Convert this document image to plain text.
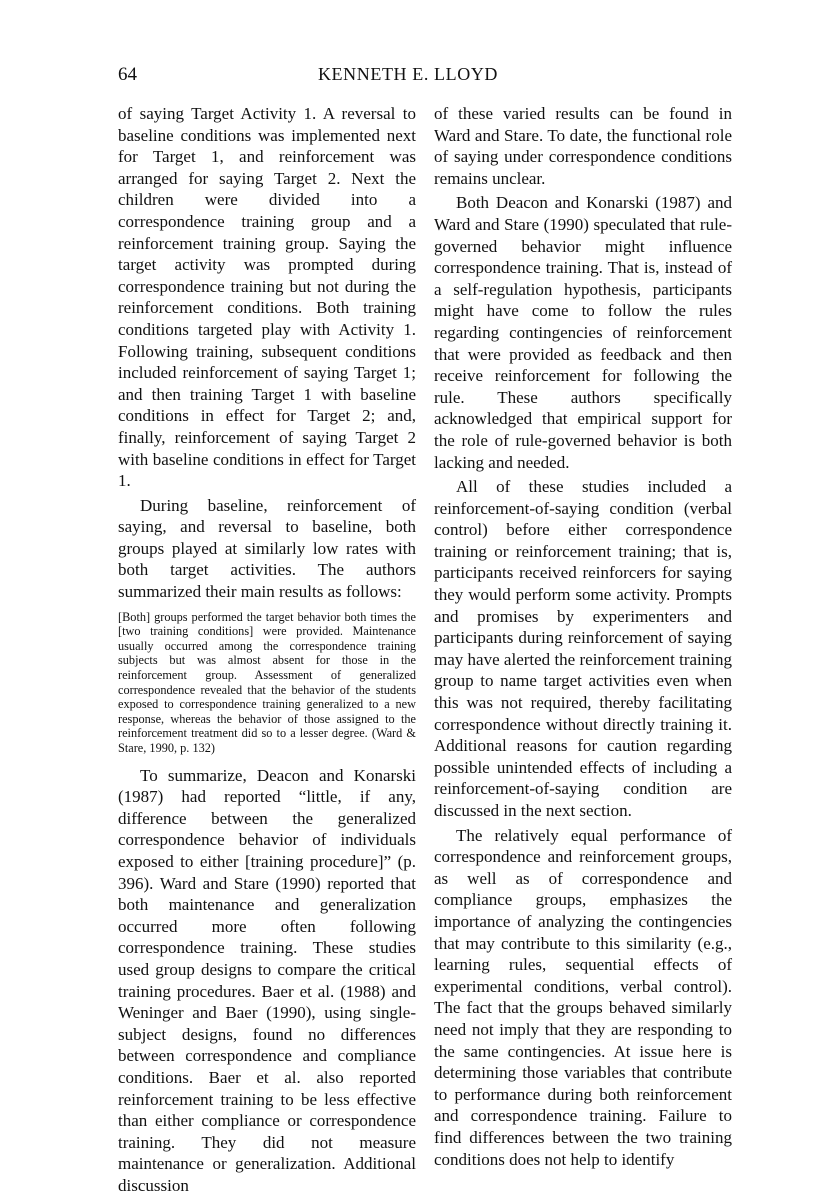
64	KENNETH E. LLOYD

of saying Target Activity 1. A reversal to baseline conditions was implemented next for Target 1, and reinforcement was arranged for saying Target 2. Next the children were divided into a correspondence training group and a reinforcement training group. Saying the target activity was prompted during correspondence training but not during the reinforcement conditions. Both training conditions targeted play with Activity 1. Following training, subsequent conditions included reinforcement of saying Target 1; and then training Target 1 with baseline conditions in effect for Target 2; and, finally, reinforcement of saying Target 2 with baseline conditions in effect for Target 1.

During baseline, reinforcement of saying, and reversal to baseline, both groups played at similarly low rates with both target activities. The authors summarized their main results as follows:

[Both] groups performed the target behavior both times the [two training conditions] were provided. Maintenance usually occurred among the correspondence training subjects but was almost absent for those in the reinforcement group. Assessment of generalized correspondence revealed that the behavior of the students exposed to correspondence training generalized to a new response, whereas the behavior of those assigned to the reinforcement treatment did so to a lesser degree. (Ward & Stare, 1990, p. 132)

To summarize, Deacon and Konarski (1987) had reported “little, if any, difference between the generalized correspondence behavior of individuals exposed to either [training procedure]” (p. 396). Ward and Stare (1990) reported that both maintenance and generalization occurred more often following correspondence training. These studies used group designs to compare the critical training procedures. Baer et al. (1988) and Weninger and Baer (1990), using single-subject designs, found no differences between correspondence and compliance conditions. Baer et al. also reported reinforcement training to be less effective than either compliance or correspondence training. They did not measure maintenance or generalization. Additional discussion

of these varied results can be found in Ward and Stare. To date, the functional role of saying under correspondence conditions remains unclear.

Both Deacon and Konarski (1987) and Ward and Stare (1990) speculated that rule-governed behavior might influence correspondence training. That is, instead of a self-regulation hypothesis, participants might have come to follow the rules regarding contingencies of reinforcement that were provided as feedback and then receive reinforcement for following the rule. These authors specifically acknowledged that empirical support for the role of rule-governed behavior is both lacking and needed.

All of these studies included a reinforcement-of-saying condition (verbal control) before either correspondence training or reinforcement training; that is, participants received reinforcers for saying they would perform some activity. Prompts and promises by experimenters and participants during reinforcement of saying may have alerted the reinforcement training group to name target activities even when this was not required, thereby facilitating correspondence without directly training it. Additional reasons for caution regarding possible unintended effects of including a reinforcement-of-saying condition are discussed in the next section.

The relatively equal performance of correspondence and reinforcement groups, as well as of correspondence and compliance groups, emphasizes the importance of analyzing the contingencies that may contribute to this similarity (e.g., learning rules, sequential effects of experimental conditions, verbal control). The fact that the groups behaved similarly need not imply that they are responding to the same contingencies. At issue here is determining those variables that contribute to performance during both reinforcement and correspondence training. Failure to find differences between the two training conditions does not help to identify
